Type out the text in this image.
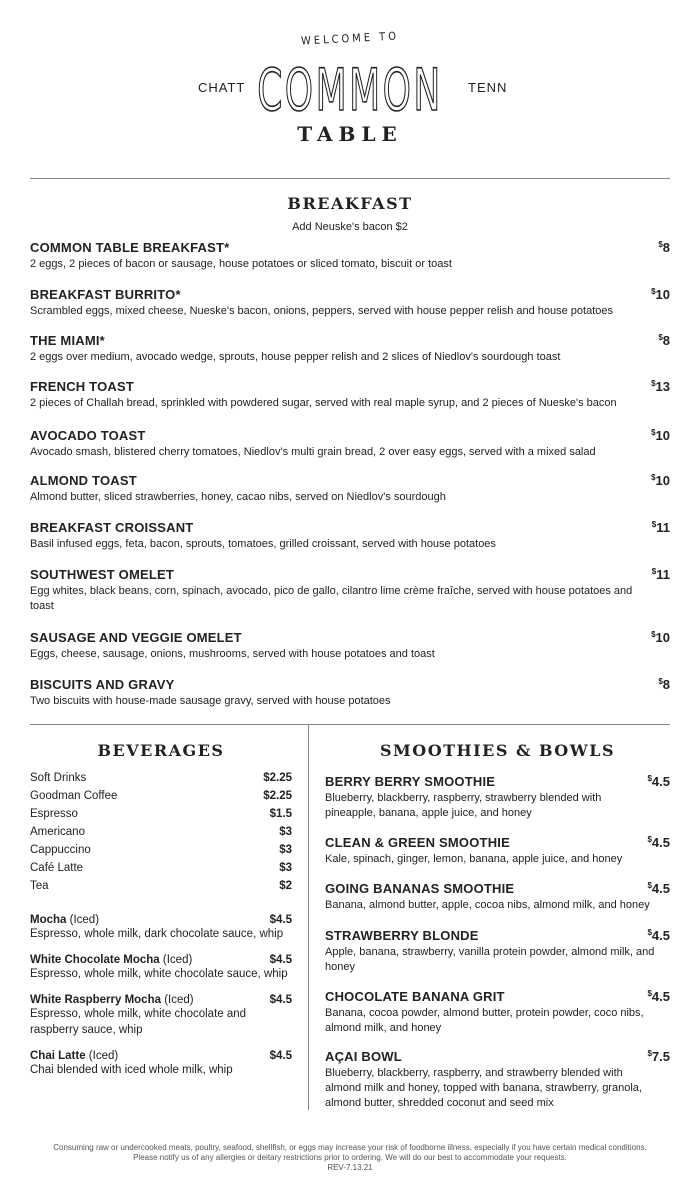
WELCOME TO
CHATT	TENN
COMMON
TABLE
BREAKFAST
Add Neuske's bacon $2
COMMON TABLE BREAKFAST*
2 eggs, 2 pieces of bacon or sausage, house potatoes or sliced tomato, biscuit or toast
$8
BREAKFAST BURRITO*
Scrambled eggs, mixed cheese, Nueske's bacon, onions, peppers, served with house pepper relish and house potatoes
$10
THE MIAMI*
2 eggs over medium, avocado wedge, sprouts, house pepper relish and 2 slices of Niedlov's sourdough toast
$8
FRENCH TOAST
2 pieces of Challah bread, sprinkled with powdered sugar, served with real maple syrup, and 2 pieces of Nueske's bacon
$13
AVOCADO TOAST
Avocado smash, blistered cherry tomatoes, Niedlov's multi grain bread, 2 over easy eggs, served with a mixed salad
$10
ALMOND TOAST
Almond butter, sliced strawberries, honey, cacao nibs, served on Niedlov's sourdough
$10
BREAKFAST CROISSANT
Basil infused eggs, feta, bacon, sprouts, tomatoes, grilled croissant, served with house potatoes
$11
SOUTHWEST OMELET
Egg whites, black beans, corn, spinach, avocado, pico de gallo, cilantro lime crème fraîche, served with house potatoes and toast
$11
SAUSAGE AND VEGGIE OMELET
Eggs, cheese, sausage, onions, mushrooms, served with house potatoes and toast
$10
BISCUITS AND GRAVY
Two biscuits with house-made sausage gravy, served with house potatoes
$8
BEVERAGES	SMOOTHIES & BOWLS
Soft Drinks	$2.25
Goodman Coffee	$2.25
Espresso	$1.5
Americano	$3
Cappuccino	$3
Café Latte	$3
Tea	$2
Mocha (Iced)	$4.5
Espresso, whole milk, dark chocolate sauce, whip
White Chocolate Mocha (Iced)	$4.5
Espresso, whole milk, white chocolate sauce, whip
White Raspberry Mocha (Iced)	$4.5
Espresso, whole milk, white chocolate and raspberry sauce, whip
Chai Latte (Iced)	$4.5
Chai blended with iced whole milk, whip
BERRY BERRY SMOOTHIE
Blueberry, blackberry, raspberry, strawberry blended with pineapple, banana, apple juice, and honey
$4.5
CLEAN & GREEN SMOOTHIE
Kale, spinach, ginger, lemon, banana, apple juice, and honey
$4.5
GOING BANANAS SMOOTHIE
Banana, almond butter, apple, cocoa nibs, almond milk, and honey
$4.5
STRAWBERRY BLONDE
Apple, banana, strawberry, vanilla protein powder, almond milk, and honey
$4.5
CHOCOLATE BANANA GRIT
Banana, cocoa powder, almond butter, protein powder, coco nibs, almond milk, and honey
$4.5
AÇAI BOWL
Blueberry, blackberry, raspberry, and strawberry blended with almond milk and honey, topped with banana, strawberry, granola, almond butter, shredded coconut and seed mix
$7.5
Consuming raw or undercooked meats, poultry, seafood, shellfish, or eggs may increase your risk of foodborne illness, especially if you have certain medical conditions.
Please notify us of any allergies or deitary restrictions prior to ordering. We will do our best to accommodate your requests.
REV-7.13.21
